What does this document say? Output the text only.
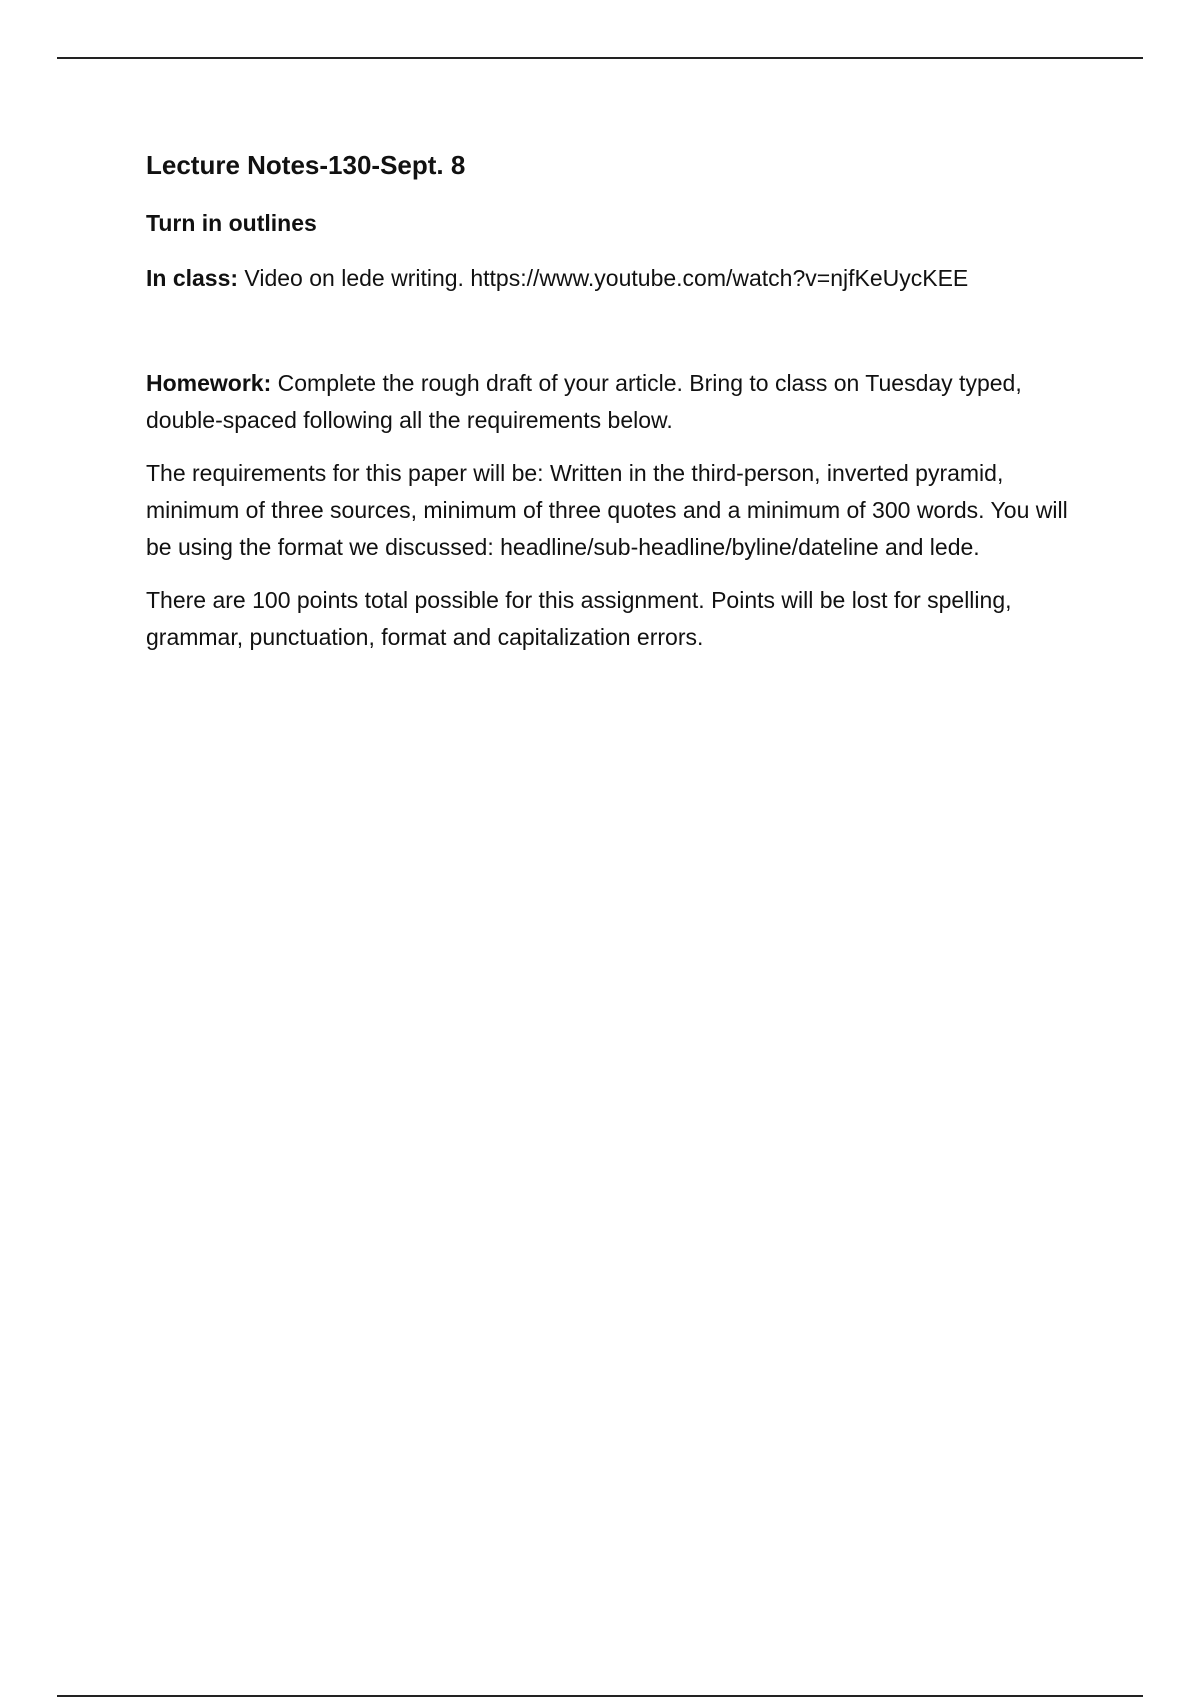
Lecture Notes-130-Sept. 8
Turn in outlines

In class: Video on lede writing. https://www.youtube.com/watch?v=njfKeUycKEE

Homework: Complete the rough draft of your article. Bring to class on Tuesday typed, double-spaced following all the requirements below.

The requirements for this paper will be: Written in the third-person, inverted pyramid, minimum of three sources, minimum of three quotes and a minimum of 300 words. You will be using the format we discussed: headline/sub-headline/byline/dateline and lede.

There are 100 points total possible for this assignment. Points will be lost for spelling, grammar, punctuation, format and capitalization errors.
